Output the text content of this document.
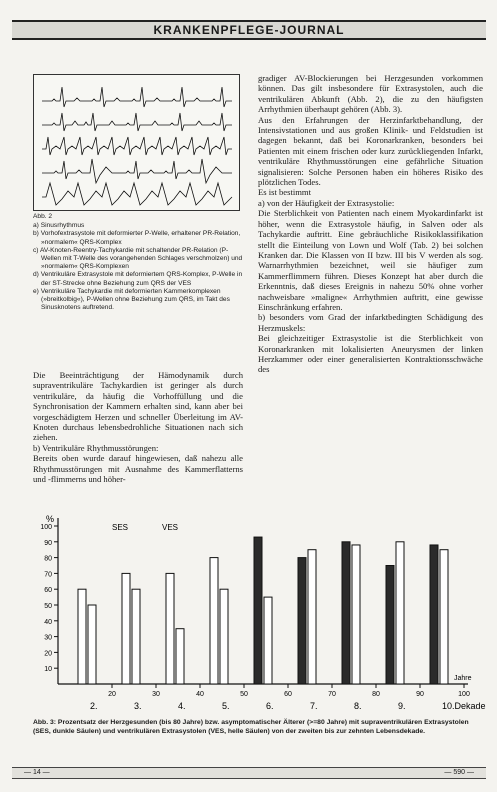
KRANKENPFLEGE-JOURNAL

Abb. 2

a) Sinusrhythmus
b) Vorhofextrasystole mit deformierter P-Welle, erhaltener PR-Relation, »normalem« QRS-Komplex
c) AV-Knoten-Reentry-Tachykardie mit schaltender PR-Relation (P-Wellen mit T-Welle des vorangehenden Schlages verschmolzen) und »normalem« QRS-Komplexen
d) Ventrikuläre Extrasystole mit deformiertem QRS-Komplex, P-Welle in der ST-Strecke ohne Beziehung zum QRS der VES
e) Ventrikuläre Tachykardie mit deformierten Kammerkomplexen (»breitkolbig«), P-Wellen ohne Beziehung zum QRS, im Takt des Sinusknotens auftretend.
Die Beeinträchtigung der Hämodynamik durch supraventrikuläre Tachykardien ist geringer als durch ventrikuläre, da häufig die Vorhoffüllung und die Synchronisation der Kammern erhalten sind, kann aber bei vorgeschädigtem Herzen und schneller Überleitung im AV-Knoten durchaus lebensbedrohliche Situationen nach sich ziehen.
b) Ventrikuläre Rhythmusstörungen:
Bereits oben wurde darauf hingewiesen, daß nahezu alle Rhythmusstörungen mit Ausnahme des Kammerflatterns und -flimmerns und höher-
gradiger AV-Blockierungen bei Herzgesunden vorkommen können. Das gilt insbesondere für Extrasystolen, auch die ventrikulären Abkunft (Abb. 2), die zu den häufigsten Arrhythmien überhaupt gehören (Abb. 3).
Aus den Erfahrungen der Herzinfarktbehandlung, der Intensivstationen und aus großen Klinik- und Feldstudien ist dagegen bekannt, daß bei Koronarkranken, besonders bei Patienten mit einem frischen oder kurz zurückliegenden Infarkt, ventrikuläre Rhythmusstörungen eine gefährliche Situation signalisieren: Solche Personen haben ein höheres Risiko des plötzlichen Todes.
Es ist bestimmt
a) von der Häufigkeit der Extrasystolie:
Die Sterblichkeit von Patienten nach einem Myokardinfarkt ist höher, wenn die Extrasystole häufig, in Salven oder als Tachykardie auftritt. Eine gebräuchliche Risikoklassifikation stellt die Einteilung von Lown und Wolf (Tab. 2) bei solchen Kranken dar. Die Klassen von II bzw. III bis V werden als sog. Warnarrhythmien bezeichnet, weil sie häufiger zum Kammerflimmern führen. Dieses Konzept hat aber durch die Erkenntnis, daß dieses Ereignis in nahezu 50% ohne vorher nachweisbare »maligne« Arrhythmien auftritt, eine gewisse Einschränkung erfahren.
b) besonders vom Grad der infarktbedingten Schädigung des Herzmuskels:
Bei gleichzeitiger Extrasystolie ist die Sterblichkeit von Koronarkranken mit lokalisierten Aneurysmen der linken Herzkammer oder einer generalisierten Kontraktionsschwäche des
%
10
20
30
40
50
60
70
80
90
100
2.
20
3.
30
4.
40
5.
50
6.
60
7.
70
8.
80
9.
90
10.Dekade
100
Jahre
SES	VES
Abb. 3: Prozentsatz der Herzgesunden (bis 80 Jahre) bzw. asymptomatischer Älterer (>=80 Jahre) mit supraventrikulären Extrasystolen (SES, dunkle Säulen) und ventrikulären Extrasystolen (VES, helle Säulen) von der zweiten bis zur zehnten Lebensdekade.
— 14 —	— 590 —
